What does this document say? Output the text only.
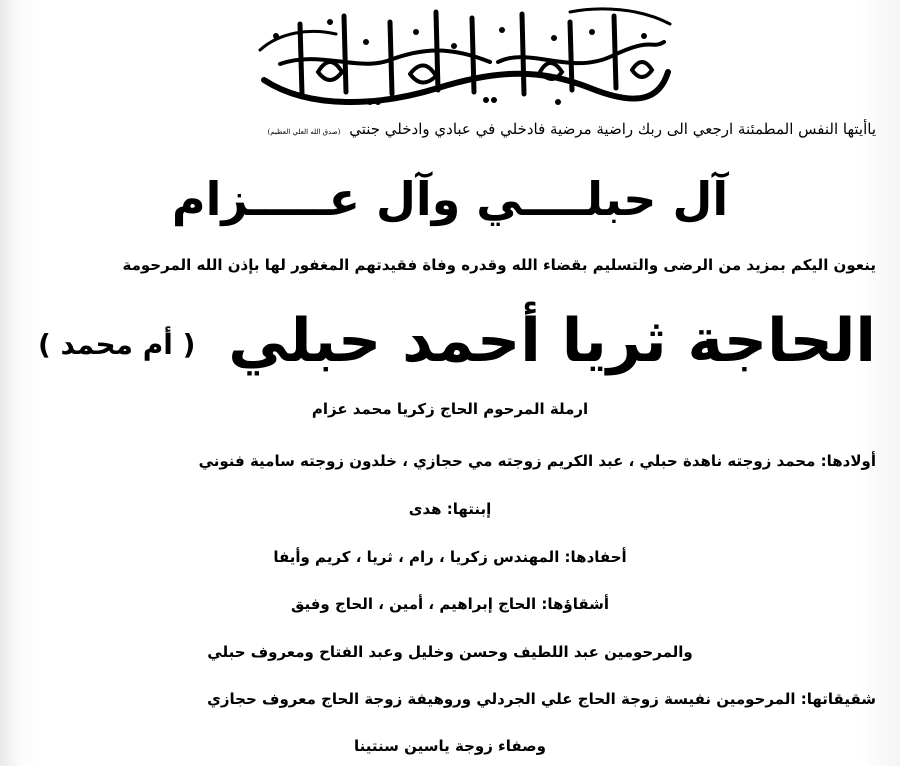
ياأيتها النفس المطمئنة ارجعي الى ربك راضية مرضية فادخلي في عبادي وادخلي جنتي (صدق الله العلي العظيم)
آل حبلــــي وآل عـــــزام
ينعون اليكم بمزيد من الرضى والتسليم بقضاء الله وقدره وفاة فقيدتهم المغفور لها بإذن الله المرحومة
الحاجة ثريا أحمد حبلي ( أم محمد )
ارملة المرحوم الحاج زكريا محمد عزام
أولادها: محمد زوجته ناهدة حبلي ، عبد الكريم زوجته مي حجازي ، خلدون زوجته سامية فنوني
إبنتها: هدى
أحفادها: المهندس زكريا ، رام ، ثريا ، كريم وأيفا
أشقاؤها: الحاج إبراهيم ، أمين ، الحاج وفيق
والمرحومين عبد اللطيف وحسن وخليل وعبد الفتاح ومعروف حبلي
شقيقاتها: المرحومين نفيسة زوجة الحاج علي الجردلي وروهيفة زوجة الحاج معروف حجازي
وصفاء زوجة ياسين سنتينا
